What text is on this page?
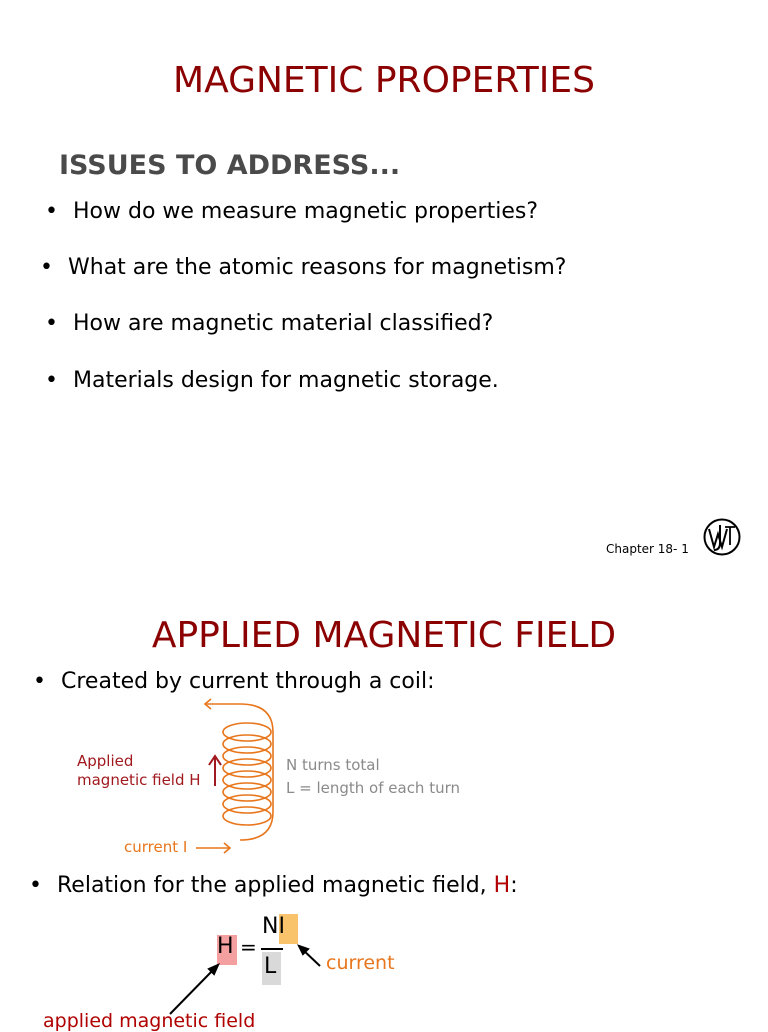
MAGNETIC PROPERTIES
ISSUES TO ADDRESS...
• How do we measure magnetic properties?
• What are the atomic reasons for magnetism?
• How are magnetic material classified?
• Materials design for magnetic storage.
Chapter 18- 1
APPLIED MAGNETIC FIELD
• Created by current through a coil:
Applied
magnetic field H
N turns total
L = length of each turn
current I
• Relation for the applied magnetic field, H:
H =
NI
L	current
applied magnetic field
